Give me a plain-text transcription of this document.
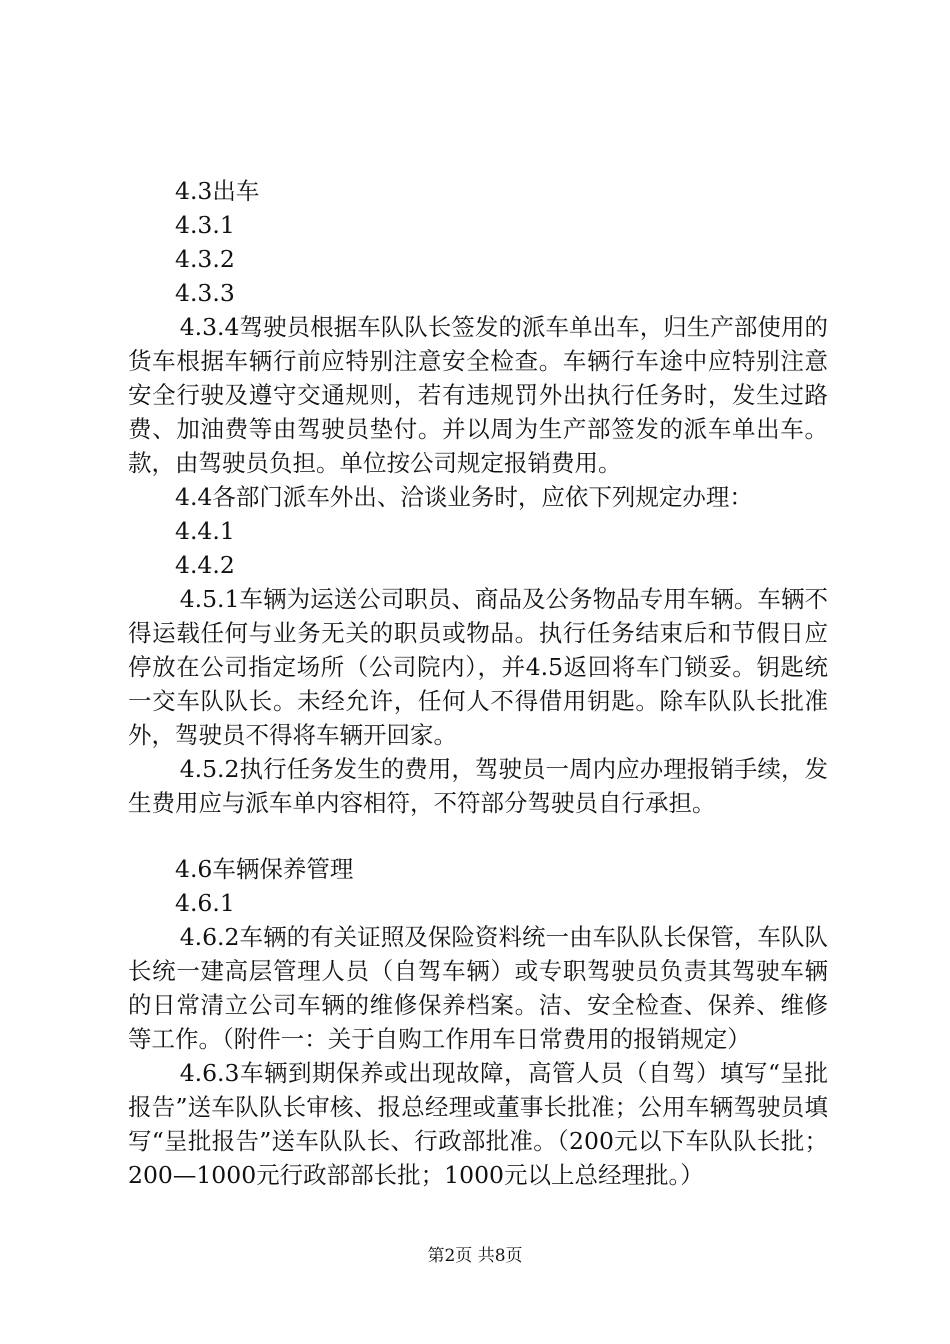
4.3出车

4.3.1

4.3.2

4.3.3

4.3.4驾驶员根据车队队长签发的派车单出车，归生产部使用的货车根据车辆行前应特别注意安全检查。车辆行车途中应特别注意安全行驶及遵守交通规则，若有违规罚外出执行任务时，发生过路费、加油费等由驾驶员垫付。并以周为生产部签发的派车单出车。款，由驾驶员负担。单位按公司规定报销费用。

4.4各部门派车外出、洽谈业务时，应依下列规定办理：

4.4.1

4.4.2

4.5.1车辆为运送公司职员、商品及公务物品专用车辆。车辆不得运载任何与业务无关的职员或物品。执行任务结束后和节假日应停放在公司指定场所（公司院内），并4.5返回将车门锁妥。钥匙统一交车队队长。未经允许，任何人不得借用钥匙。除车队队长批准外，驾驶员不得将车辆开回家。

4.5.2执行任务发生的费用，驾驶员一周内应办理报销手续，发生费用应与派车单内容相符，不符部分驾驶员自行承担。

4.6车辆保养管理

4.6.1

4.6.2车辆的有关证照及保险资料统一由车队队长保管，车队队长统一建高层管理人员（自驾车辆）或专职驾驶员负责其驾驶车辆的日常清立公司车辆的维修保养档案。洁、安全检查、保养、维修等工作。（附件一：关于自购工作用车日常费用的报销规定）

4.6.3车辆到期保养或出现故障，高管人员（自驾）填写“呈批报告”送车队队长审核、报总经理或董事长批准；公用车辆驾驶员填写“呈批报告”送车队队长、行政部批准。（200元以下车队队长批；200—1000元行政部部长批；1000元以上总经理批。）

第2页 共8页
